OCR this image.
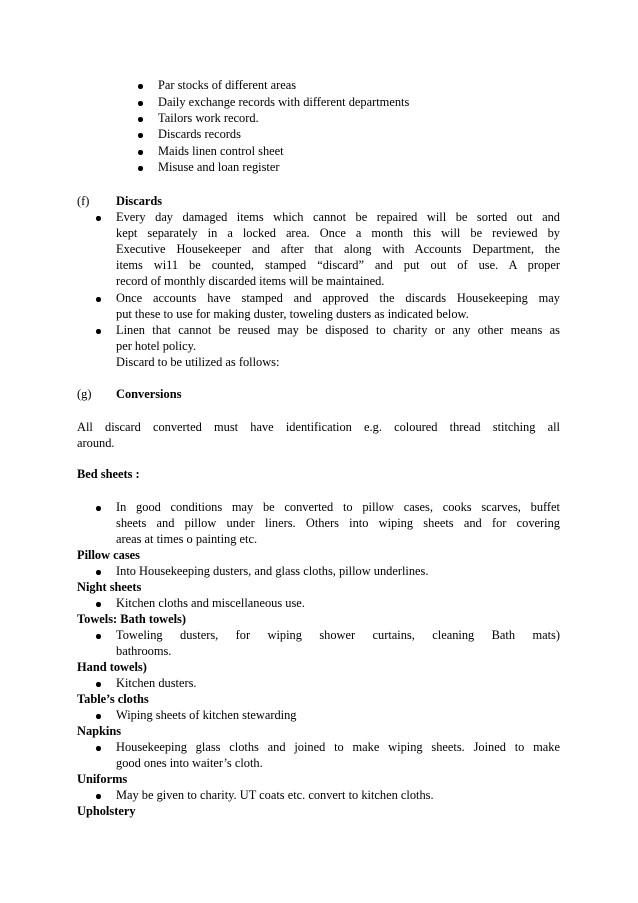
Par stocks of different areas
Daily exchange records with different departments
Tailors work record.
Discards records
Maids linen control sheet
Misuse and loan register
(f) Discards
Every day damaged items which cannot be repaired will be sorted out and
kept separately in a locked area. Once a month this will be reviewed by
Executive Housekeeper and after that along with Accounts Department, the
items wi11 be counted, stamped “discard” and put out of use. A proper
record of monthly discarded items will be maintained.
Once accounts have stamped and approved the discards Housekeeping may
put these to use for making duster, toweling dusters as indicated below.
Linen that cannot be reused may be disposed to charity or any other means as
per hotel policy.
Discard to be utilized as follows:
(g) Conversions
All discard converted must have identification e.g. coloured thread stitching all
around.
Bed sheets :
In good conditions may be converted to pillow cases, cooks scarves, buffet
sheets and pillow under liners. Others into wiping sheets and for covering
areas at times o painting etc.
Pillow cases
Into Housekeeping dusters, and glass cloths, pillow underlines.
Night sheets
Kitchen cloths and miscellaneous use.
Towels: Bath towels)
Toweling dusters, for wiping shower curtains, cleaning Bath mats)
bathrooms.
Hand towels)
Kitchen dusters.
Table’s cloths
Wiping sheets of kitchen stewarding
Napkins
Housekeeping glass cloths and joined to make wiping sheets. Joined to make
good ones into waiter’s cloth.
Uniforms
May be given to charity. UT coats etc. convert to kitchen cloths.
Upholstery
